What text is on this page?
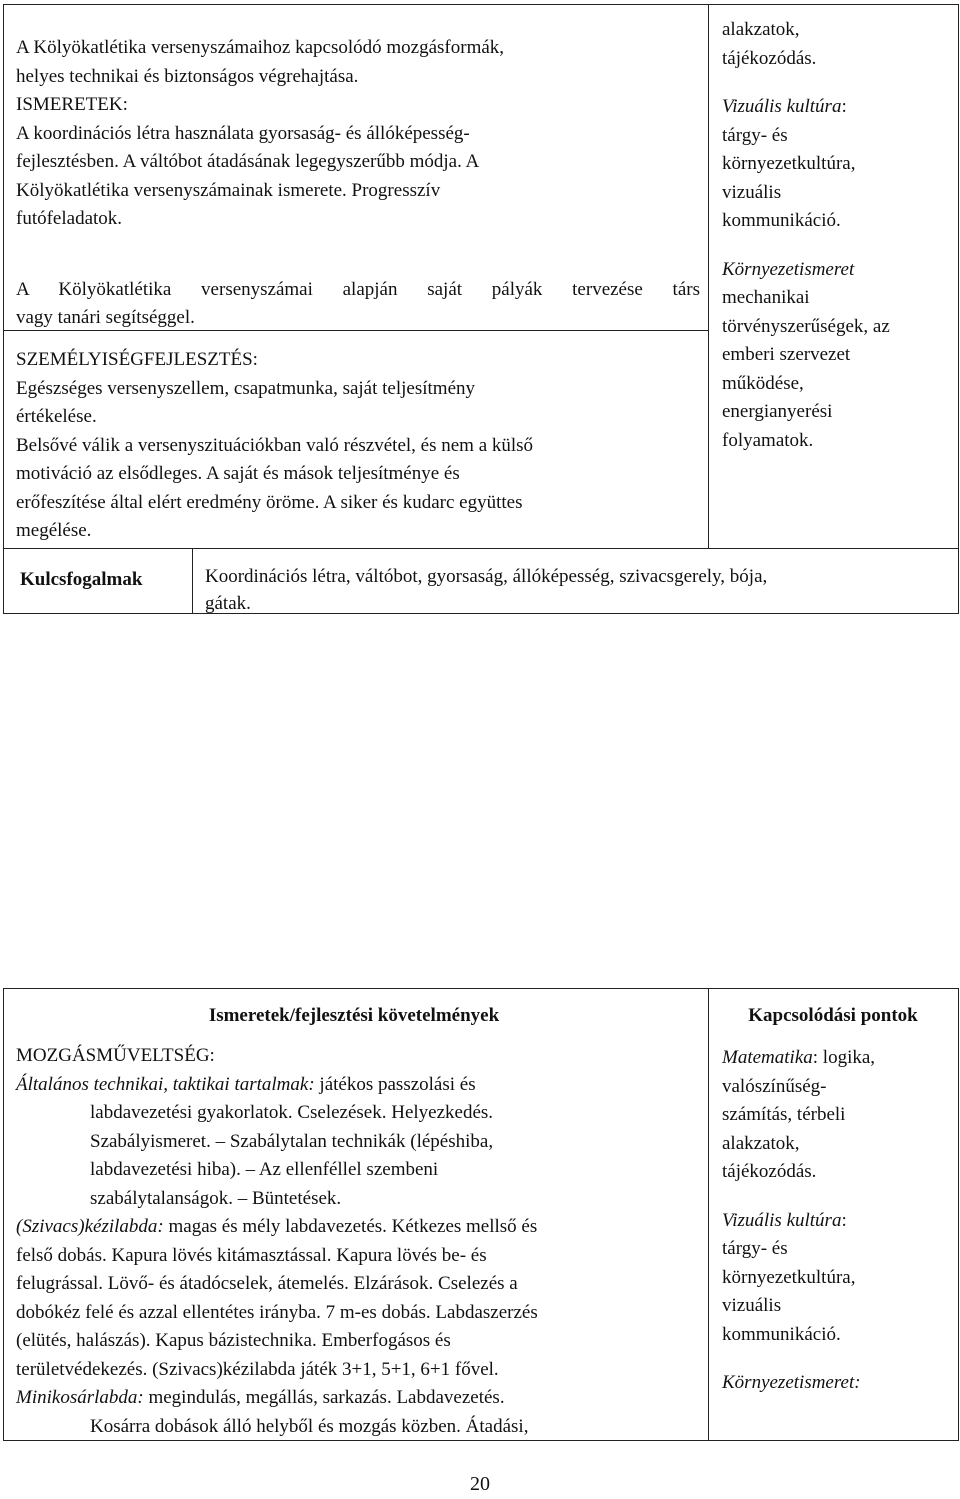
A Kölyökatlétika versenyszámaihoz kapcsolódó mozgásformák,

helyes technikai és biztonságos végrehajtása.

ISMERETEK:

A koordinációs létra használata gyorsaság- és állóképesség-

fejlesztésben. A váltóbot átadásának legegyszerűbb módja. A

Kölyökatlétika versenyszámainak ismerete. Progresszív

futófeladatok.

A Kölyökatlétika versenyszámai alapján saját pályák tervezése társ

vagy tanári segítséggel.

SZEMÉLYISÉGFEJLESZTÉS:

Egészséges versenyszellem, csapatmunka, saját teljesítmény

értékelése.

Belsővé válik a versenyszituációkban való részvétel, és nem a külső

motiváció az elsődleges. A saját és mások teljesítménye és

erőfeszítése által elért eredmény öröme. A siker és kudarc együttes

megélése.

alakzatok,

tájékozódás.

Vizuális kultúra:

tárgy- és

környezetkultúra,

vizuális

kommunikáció.

Környezetismeret

mechanikai

törvényszerűségek, az

emberi szervezet

működése,

energianyerési

folyamatok.

Kulcsfogalmak	Koordinációs létra, váltóbot, gyorsaság, állóképesség, szivacsgerely, bója,

gátak.

Ismeretek/fejlesztési követelmények	Kapcsolódási pontok

MOZGÁSMŰVELTSÉG:

Általános technikai, taktikai tartalmak: játékos passzolási és

labdavezetési gyakorlatok. Cselezések. Helyezkedés.

Szabályismeret. – Szabálytalan technikák (lépéshiba,

labdavezetési hiba). – Az ellenféllel szembeni

szabálytalanságok. – Büntetések.

(Szivacs)kézilabda: magas és mély labdavezetés. Kétkezes mellső és

felső dobás. Kapura lövés kitámasztással. Kapura lövés be- és

felugrással. Lövő- és átadócselek, átemelés. Elzárások. Cselezés a

dobókéz felé és azzal ellentétes irányba. 7 m-es dobás. Labdaszerzés

(elütés, halászás). Kapus bázistechnika. Emberfogásos és

területvédekezés. (Szivacs)kézilabda játék 3+1, 5+1, 6+1 fővel.

Minikosárlabda: megindulás, megállás, sarkazás. Labdavezetés.

Kosárra dobások álló helyből és mozgás közben. Átadási,

Matematika: logika,

valószínűség-

számítás, térbeli

alakzatok,

tájékozódás.

Vizuális kultúra:

tárgy- és

környezetkultúra,

vizuális

kommunikáció.

Környezetismeret:

20
